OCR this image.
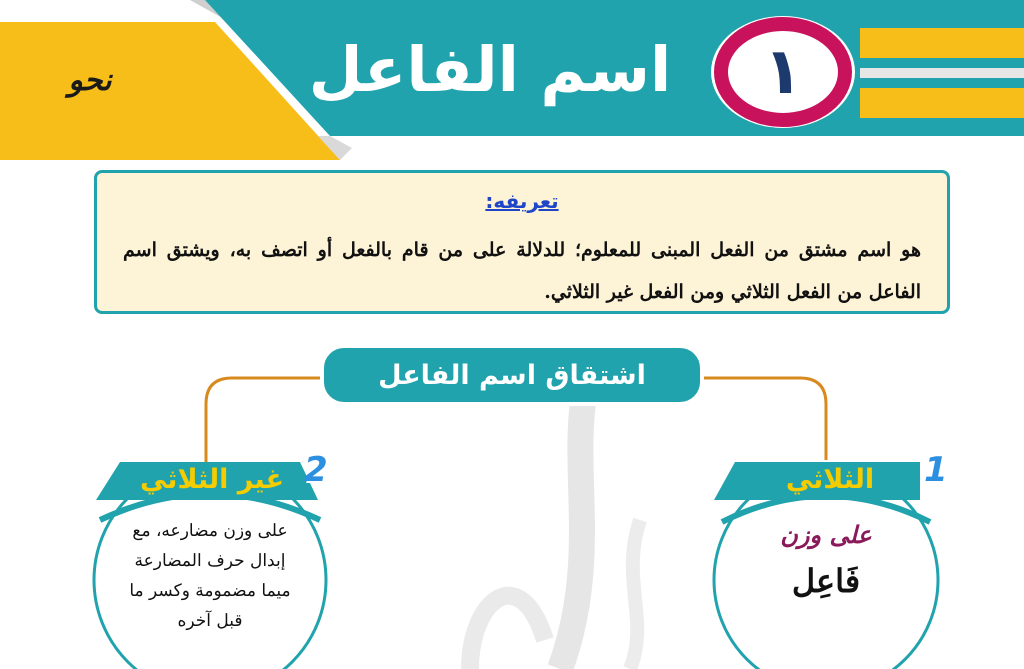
١
اسم الفاعل
نحو
تعريفه:
هو اسم مشتق من الفعل المبنى للمعلوم؛ للدلالة على من قام بالفعل أو اتصف به، ويشتق اسم الفاعل من الفعل الثلاثي ومن الفعل غير الثلاثي.
اشتقاق اسم الفاعل
الثلاثي	1
على وزن
فَاعِل
غير الثلاثي 2
على وزن مضارعه، مع
إبدال حرف المضارعة
ميما مضمومة وكسر ما
قبل آخره
